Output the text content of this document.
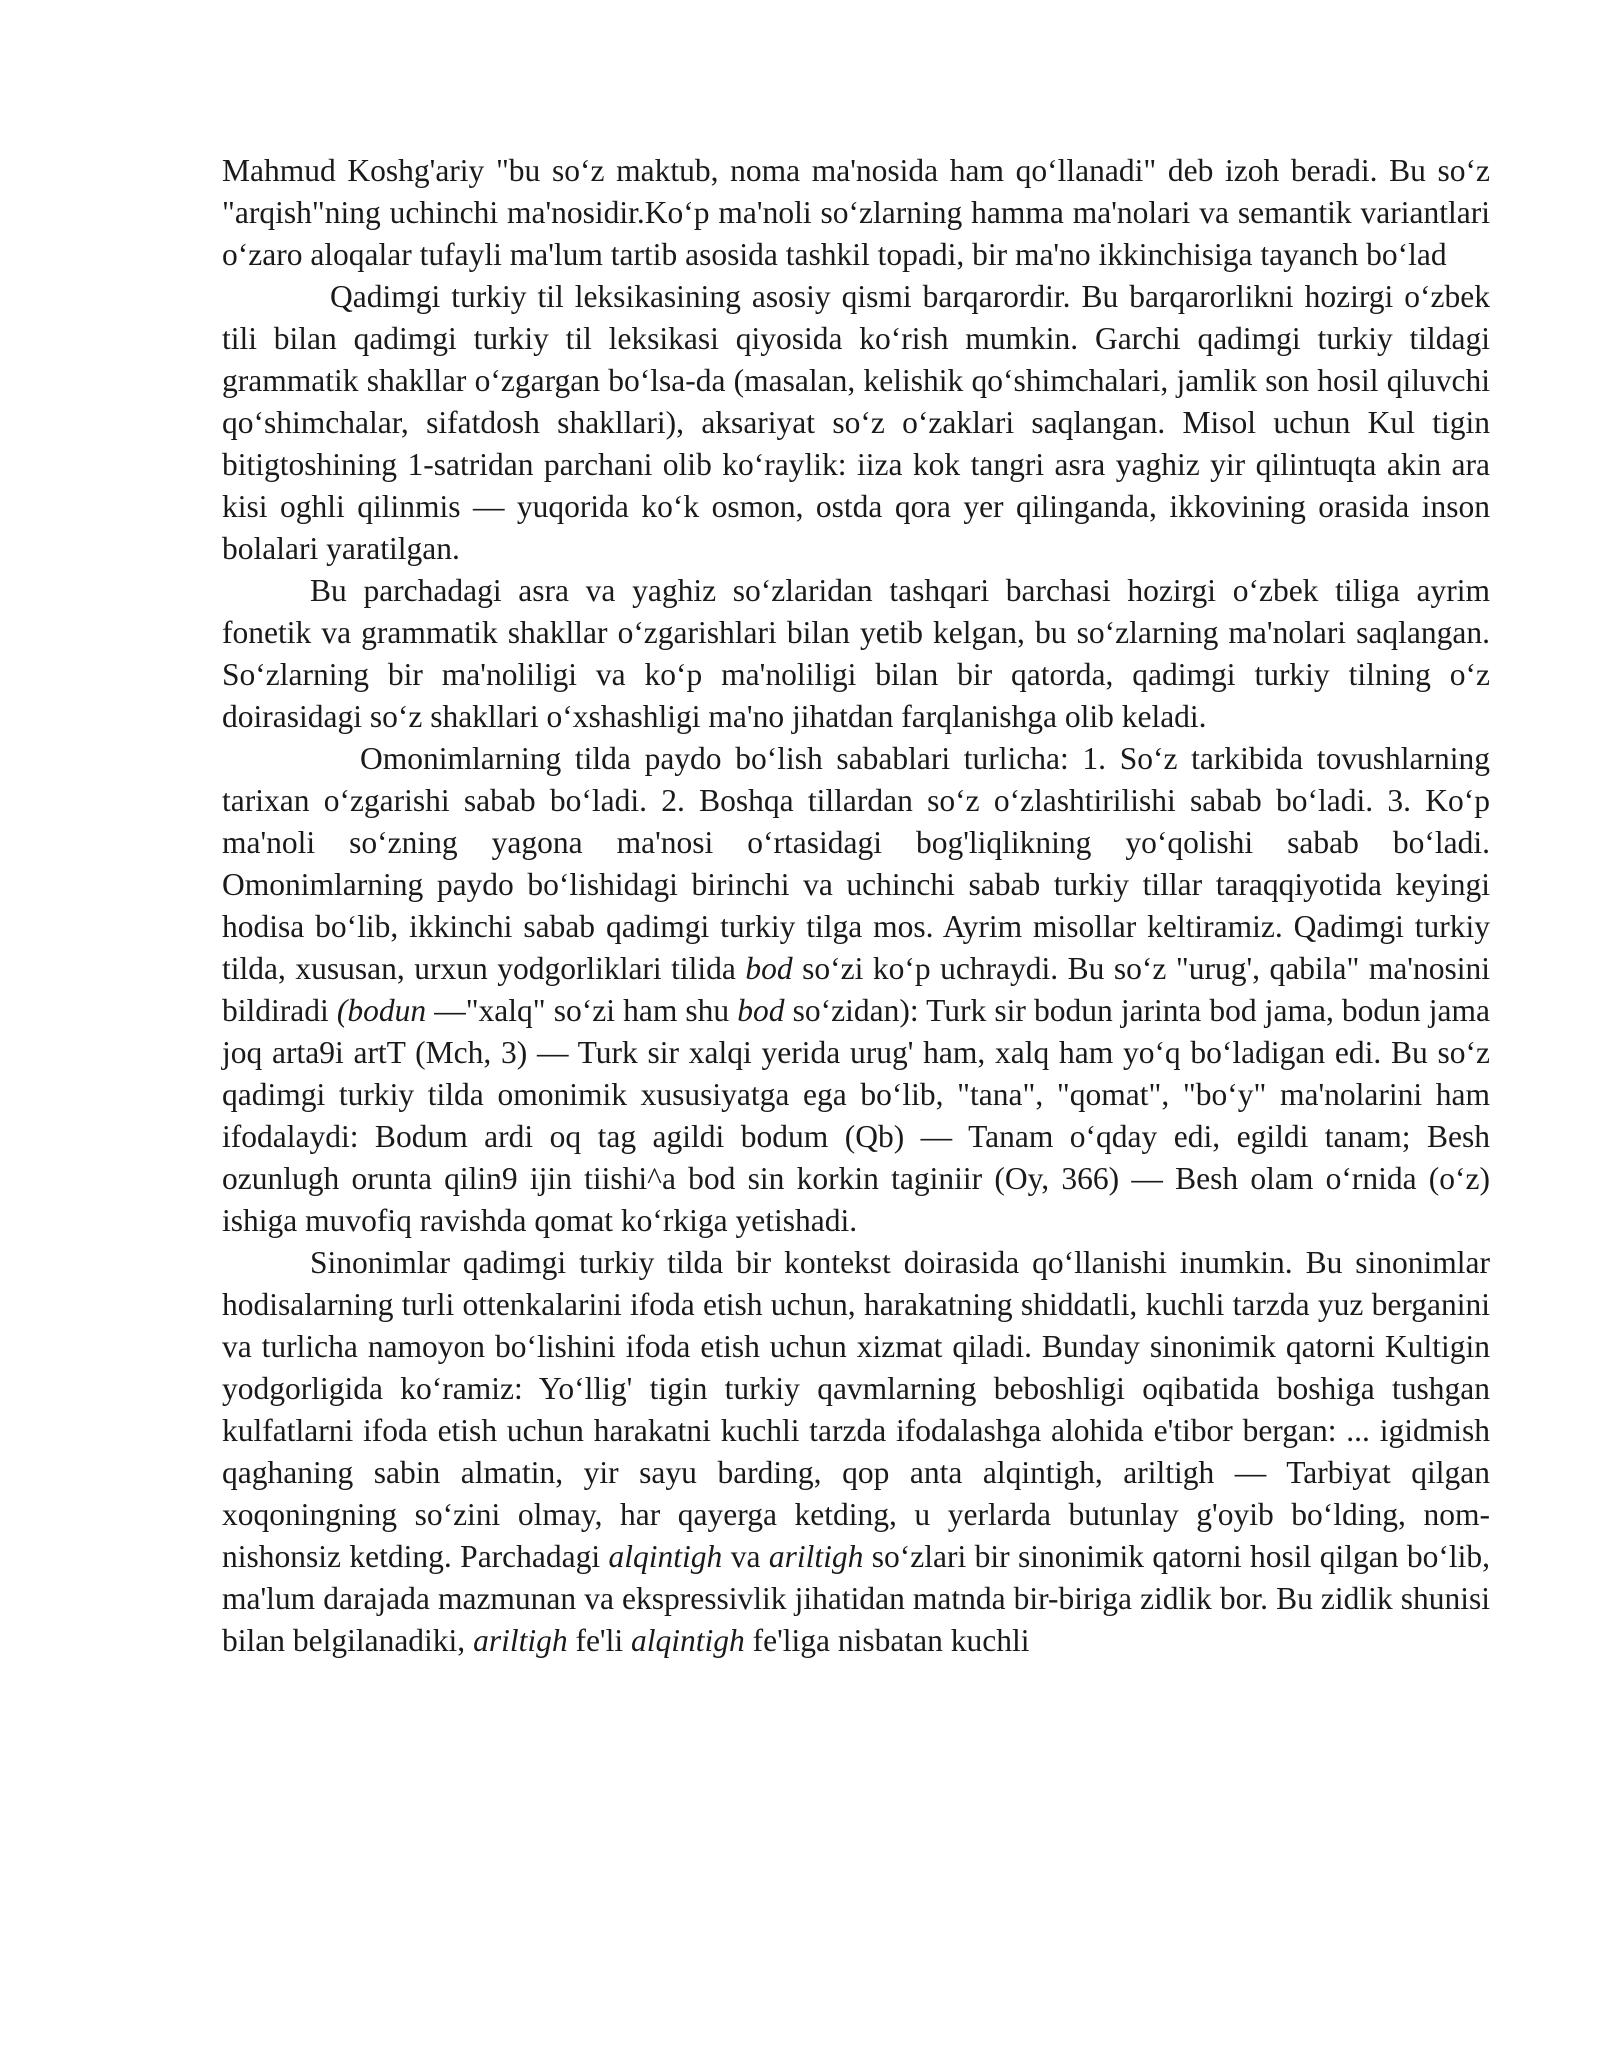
Mahmud Koshg'ariy "bu so‘z maktub, noma ma'nosida ham qo‘llanadi" deb izoh beradi. Bu so‘z "arqish"ning uchinchi ma'nosidir.Ko‘p ma'noli so‘zlarning hamma ma'nolari va semantik variantlari o‘zaro aloqalar tufayli ma'lum tartib asosida tashkil topadi, bir ma'no ikkinchisiga tayanch bo‘lad

Qadimgi turkiy til leksikasining asosiy qismi barqarordir. Bu barqarorlikni hozirgi o‘zbek tili bilan qadimgi turkiy til leksikasi qiyosida ko‘rish mumkin. Garchi qadimgi turkiy tildagi grammatik shakllar o‘zgargan bo‘lsa-da (masalan, kelishik qo‘shimchalari, jamlik son hosil qiluvchi qo‘shimchalar, sifatdosh shakllari), aksariyat so‘z o‘zaklari saqlangan. Misol uchun Kul tigin bitigtoshining 1-satridan parchani olib ko‘raylik: iiza kok tangri asra yaghiz yir qilintuqta akin ara kisi oghli qilinmis — yuqorida ko‘k osmon, ostda qora yer qilinganda, ikkovining orasida inson bolalari yaratilgan.

Bu parchadagi asra va yaghiz so‘zlaridan tashqari barchasi hozirgi o‘zbek tiliga ayrim fonetik va grammatik shakllar o‘zgarishlari bilan yetib kelgan, bu so‘zlarning ma'nolari saqlangan. So‘zlarning bir ma'noliligi va ko‘p ma'noliligi bilan bir qatorda, qadimgi turkiy tilning o‘z doirasidagi so‘z shakllari o‘xshashligi ma'no jihatdan farqlanishga olib keladi.

Omonimlarning tilda paydo bo‘lish sabablari turlicha: 1. So‘z tarkibida tovushlarning tarixan o‘zgarishi sabab bo‘ladi. 2. Boshqa tillardan so‘z o‘zlashtirilishi sabab bo‘ladi. 3. Ko‘p ma'noli so‘zning yagona ma'nosi o‘rtasidagi bog'liqlikning yo‘qolishi sabab bo‘ladi. Omonimlarning paydo bo‘lishidagi birinchi va uchinchi sabab turkiy tillar taraqqiyotida keyingi hodisa bo‘lib, ikkinchi sabab qadimgi turkiy tilga mos. Ayrim misollar keltiramiz. Qadimgi turkiy tilda, xususan, urxun yodgorliklari tilida bod so‘zi ko‘p uchraydi. Bu so‘z "urug', qabila" ma'nosini bildiradi (bodun —"xalq" so‘zi ham shu bod so‘zidan): Turk sir bodun jarinta bod jama, bodun jama joq arta9i artT (Mch, 3) — Turk sir xalqi yerida urug' ham, xalq ham yo‘q bo‘ladigan edi. Bu so‘z qadimgi turkiy tilda omonimik xususiyatga ega bo‘lib, "tana", "qomat", "bo‘y" ma'nolarini ham ifodalaydi: Bodum ardi oq tag agildi bodum (Qb) — Tanam o‘qday edi, egildi tanam; Besh ozunlugh orunta qilin9 ijin tiishi^a bod sin korkin taginiir (Oy, 366) — Besh olam o‘rnida (o‘z) ishiga muvofiq ravishda qomat ko‘rkiga yetishadi.

Sinonimlar qadimgi turkiy tilda bir kontekst doirasida qo‘llanishi inumkin. Bu sinonimlar hodisalarning turli ottenkalarini ifoda etish uchun, harakatning shiddatli, kuchli tarzda yuz berganini va turlicha namoyon bo‘lishini ifoda etish uchun xizmat qiladi. Bunday sinonimik qatorni Kultigin yodgorligida ko‘ramiz: Yo‘llig' tigin turkiy qavmlarning beboshligi oqibatida boshiga tushgan kulfatlarni ifoda etish uchun harakatni kuchli tarzda ifodalashga alohida e'tibor bergan: ... igidmish qaghaning sabin almatin, yir sayu barding, qop anta alqintigh, ariltigh — Tarbiyat qilgan xoqoningning so‘zini olmay, har qayerga ketding, u yerlarda butunlay g'oyib bo‘lding, nom-nishonsiz ketding. Parchadagi alqintigh va ariltigh so‘zlari bir sinonimik qatorni hosil qilgan bo‘lib, ma'lum darajada mazmunan va ekspressivlik jihatidan matnda bir-biriga zidlik bor. Bu zidlik shunisi bilan belgilanadiki, ariltigh fe'li alqintigh fe'liga nisbatan kuchli
